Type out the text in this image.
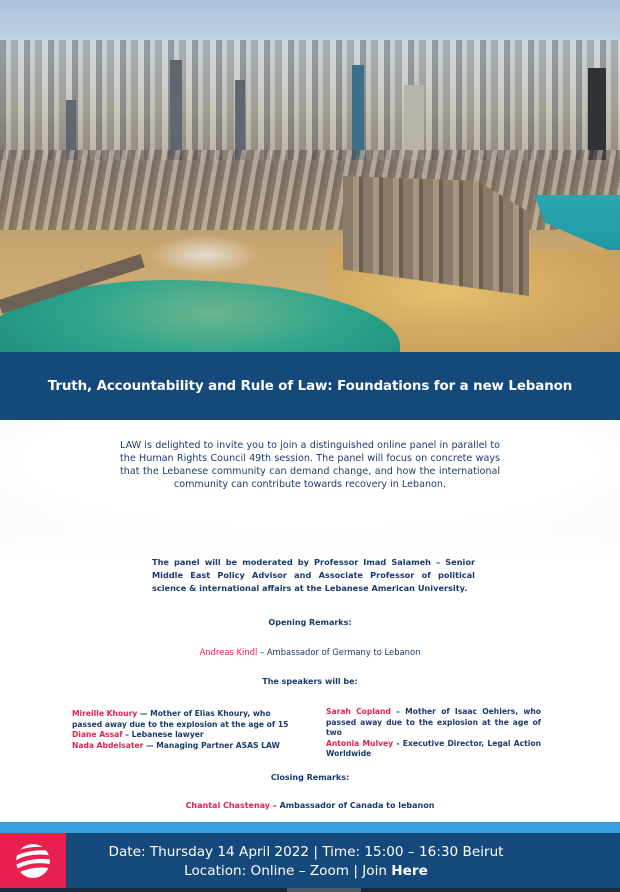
Truth, Accountability and Rule of Law: Foundations for a new Lebanon

LAW is delighted to invite you to join a distinguished online panel in parallel to the Human Rights Council 49th session. The panel will focus on concrete ways that the Lebanese community can demand change, and how the international community can contribute towards recovery in Lebanon.

The panel will be moderated by Professor Imad Salameh – Senior Middle East Policy Advisor and Associate Professor of political science & international affairs at the Lebanese American University.

Opening Remarks:
Andreas Kindl – Ambassador of Germany to Lebanon
The speakers will be:
Mireille Khoury — Mother of Elias Khoury, who passed away due to the explosion at the age of 15
Diane Assaf – Lebanese lawyer
Nada Abdelsater — Managing Partner ASAS LAW
Sarah Copland – Mother of Isaac Oehlers, who passed away due to the explosion at the age of two
Antonia Mulvey - Executive Director, Legal Action Worldwide
Closing Remarks:
Chantal Chastenay – Ambassador of Canada to lebanon
Date: Thursday 14 April 2022 | Time: 15:00 – 16:30 Beirut
Location: Online – Zoom | Join Here
